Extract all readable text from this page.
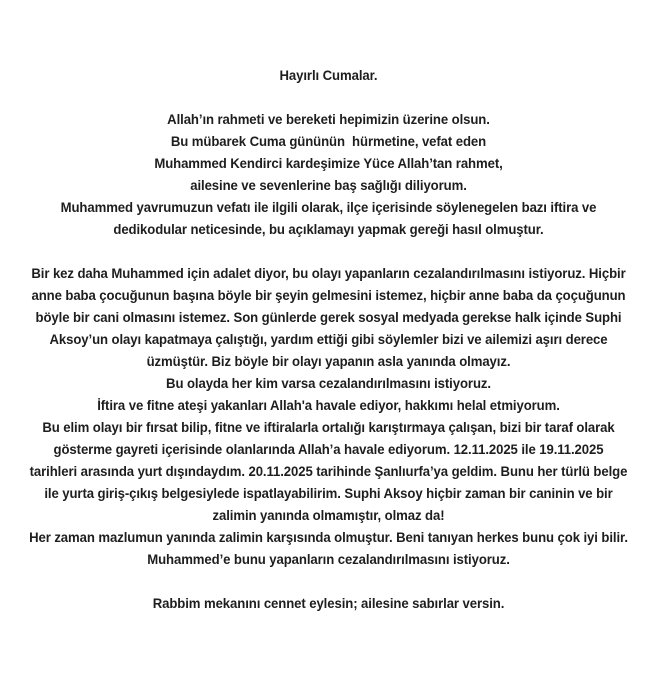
Hayırlı Cumalar.
Allah’ın rahmeti ve bereketi hepimizin üzerine olsun.
Bu mübarek Cuma gününün  hürmetine, vefat eden
Muhammed Kendirci kardeşimize Yüce Allah’tan rahmet,
ailesine ve sevenlerine baş sağlığı diliyorum.
Muhammed yavrumuzun vefatı ile ilgili olarak, ilçe içerisinde söylenegelen bazı iftira ve
dedikodular neticesinde, bu açıklamayı yapmak gereği hasıl olmuştur.
Bir kez daha Muhammed için adalet diyor, bu olayı yapanların cezalandırılmasını istiyoruz. Hiçbir
anne baba çocuğunun başına böyle bir şeyin gelmesini istemez, hiçbir anne baba da çoçuğunun
böyle bir cani olmasını istemez. Son günlerde gerek sosyal medyada gerekse halk içinde Suphi
Aksoy’un olayı kapatmaya çalıştığı, yardım ettiği gibi söylemler bizi ve ailemizi aşırı derece
üzmüştür. Biz böyle bir olayı yapanın asla yanında olmayız.
Bu olayda her kim varsa cezalandırılmasını istiyoruz.
İftira ve fitne ateşi yakanları Allah'a havale ediyor, hakkımı helal etmiyorum.
Bu elim olayı bir fırsat bilip, fitne ve iftiralarla ortalığı karıştırmaya çalışan, bizi bir taraf olarak
gösterme gayreti içerisinde olanlarında Allah’a havale ediyorum. 12.11.2025 ile 19.11.2025
tarihleri arasında yurt dışındaydım. 20.11.2025 tarihinde Şanlıurfa’ya geldim. Bunu her türlü belge
ile yurta giriş-çıkış belgesiylede ispatlayabilirim. Suphi Aksoy hiçbir zaman bir caninin ve bir
zalimin yanında olmamıştır, olmaz da!
Her zaman mazlumun yanında zalimin karşısında olmuştur. Beni tanıyan herkes bunu çok iyi bilir.
Muhammed’e bunu yapanların cezalandırılmasını istiyoruz.
Rabbim mekanını cennet eylesin; ailesine sabırlar versin.
